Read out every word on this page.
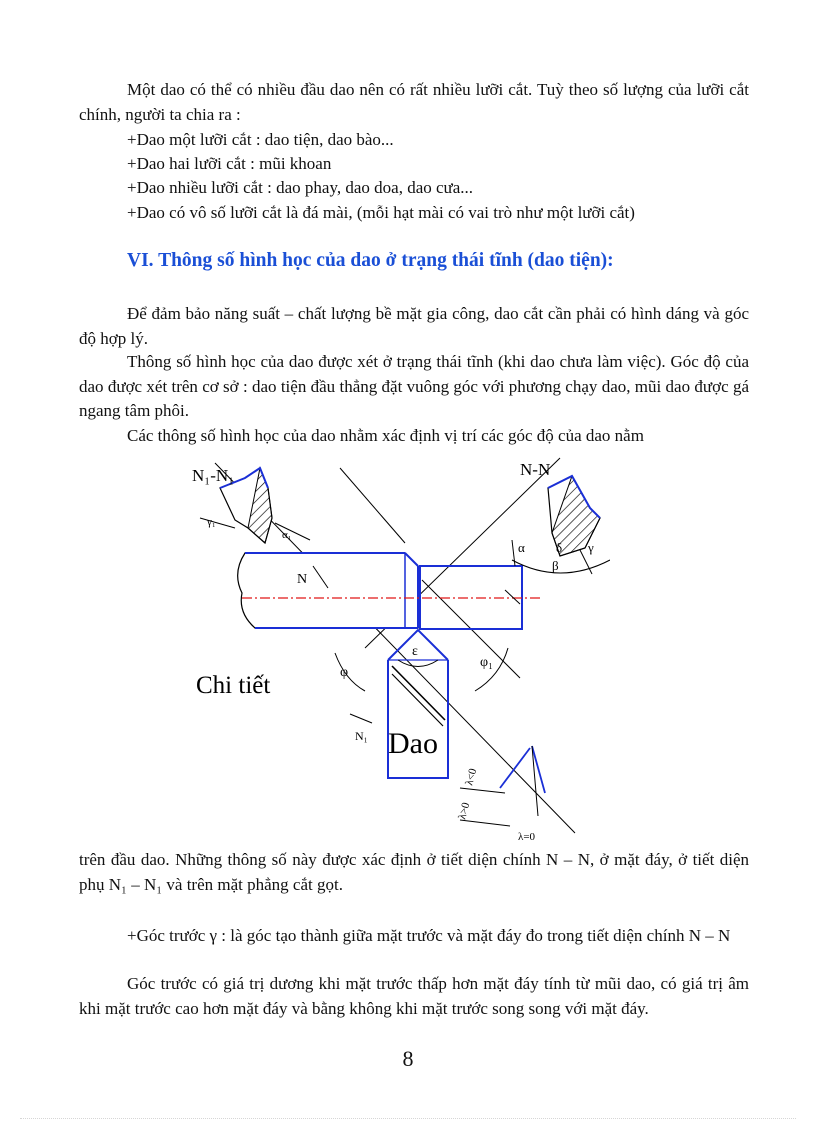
Một dao có thể có nhiều đầu dao nên có rất nhiều lưỡi cắt. Tuỳ theo số lượng của lưỡi cắt chính, người ta chia ra :

+Dao một lưỡi cắt : dao tiện, dao bào...

+Dao hai lưỡi cắt : mũi khoan

+Dao nhiều lưỡi cắt : dao phay, dao doa, dao cưa...

+Dao có vô số lưỡi cắt là đá mài, (mỗi hạt mài có vai trò như một lưỡi cắt)

VI. Thông số hình học của dao ở trạng thái tĩnh (dao tiện):

Để đảm bảo năng suất – chất lượng bề mặt gia công, dao cắt cần phải có hình dáng và góc độ hợp lý.

Thông số hình học của dao được xét ở trạng thái tĩnh (khi dao chưa làm việc). Góc độ của dao được xét trên cơ sở : dao tiện đầu thẳng đặt vuông góc với phương chạy dao, mũi dao được gá ngang tâm phôi.

Các thông số hình học của dao nhằm xác định vị trí các góc độ của dao nằm

N₁-N₁	N-N
Chi tiết
Dao
N
N₁
γ₁
α₁
α δ
β
γ
ε
φ
φ₁
λ<0
λ>0
λ=0

trên đầu dao. Những thông số này được xác định ở tiết diện chính N – N, ở mặt đáy, ở tiết diện phụ N₁ – N₁ và trên mặt phẳng cắt gọt.

+Góc trước γ : là góc tạo thành giữa mặt trước và mặt đáy đo trong tiết diện chính N – N

Góc trước có giá trị dương khi mặt trước thấp hơn mặt đáy tính từ mũi dao, có giá trị âm khi mặt trước cao hơn mặt đáy và bằng không khi mặt trước song song với mặt đáy.

8
